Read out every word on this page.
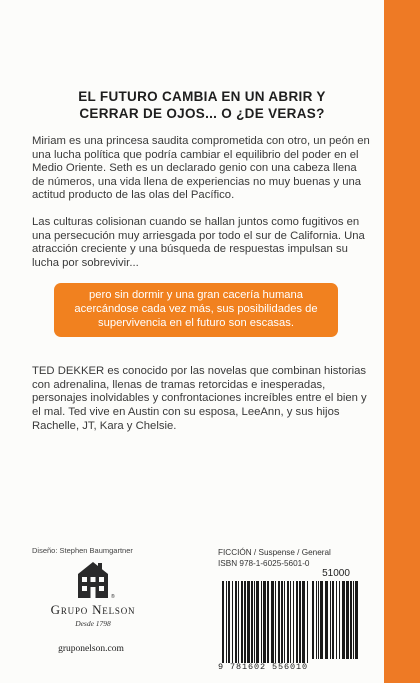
EL FUTURO CAMBIA EN UN ABRIR Y
CERRAR DE OJOS... O ¿DE VERAS?

Miriam es una princesa saudita comprometida con otro, un peón en una lucha política que podría cambiar el equilibrio del poder en el Medio Oriente. Seth es un declarado genio con una cabeza llena de números, una vida llena de experiencias no muy buenas y una actitud producto de las olas del Pacífico.

Las culturas colisionan cuando se hallan juntos como fugitivos en una persecución muy arriesgada por todo el sur de California. Una atracción creciente y una búsqueda de respuestas impulsan su lucha por sobrevivir...

pero sin dormir y una gran cacería humana acercándose cada vez más, sus posibilidades de supervivencia en el futuro son escasas.

TED DEKKER es conocido por las novelas que combinan historias con adrenalina, llenas de tramas retorcidas e inesperadas, personajes inolvidables y confrontaciones increíbles entre el bien y el mal. Ted vive en Austin con su esposa, LeeAnn, y sus hijos Rachelle, JT, Kara y Chelsie.

Diseño: Stephen Baumgartner
®
Grupo Nelson
Desde 1798
gruponelson.com
FICCIÓN / Suspense / General
ISBN 978-1-6025-5601-0
51000
9 781602 556010
